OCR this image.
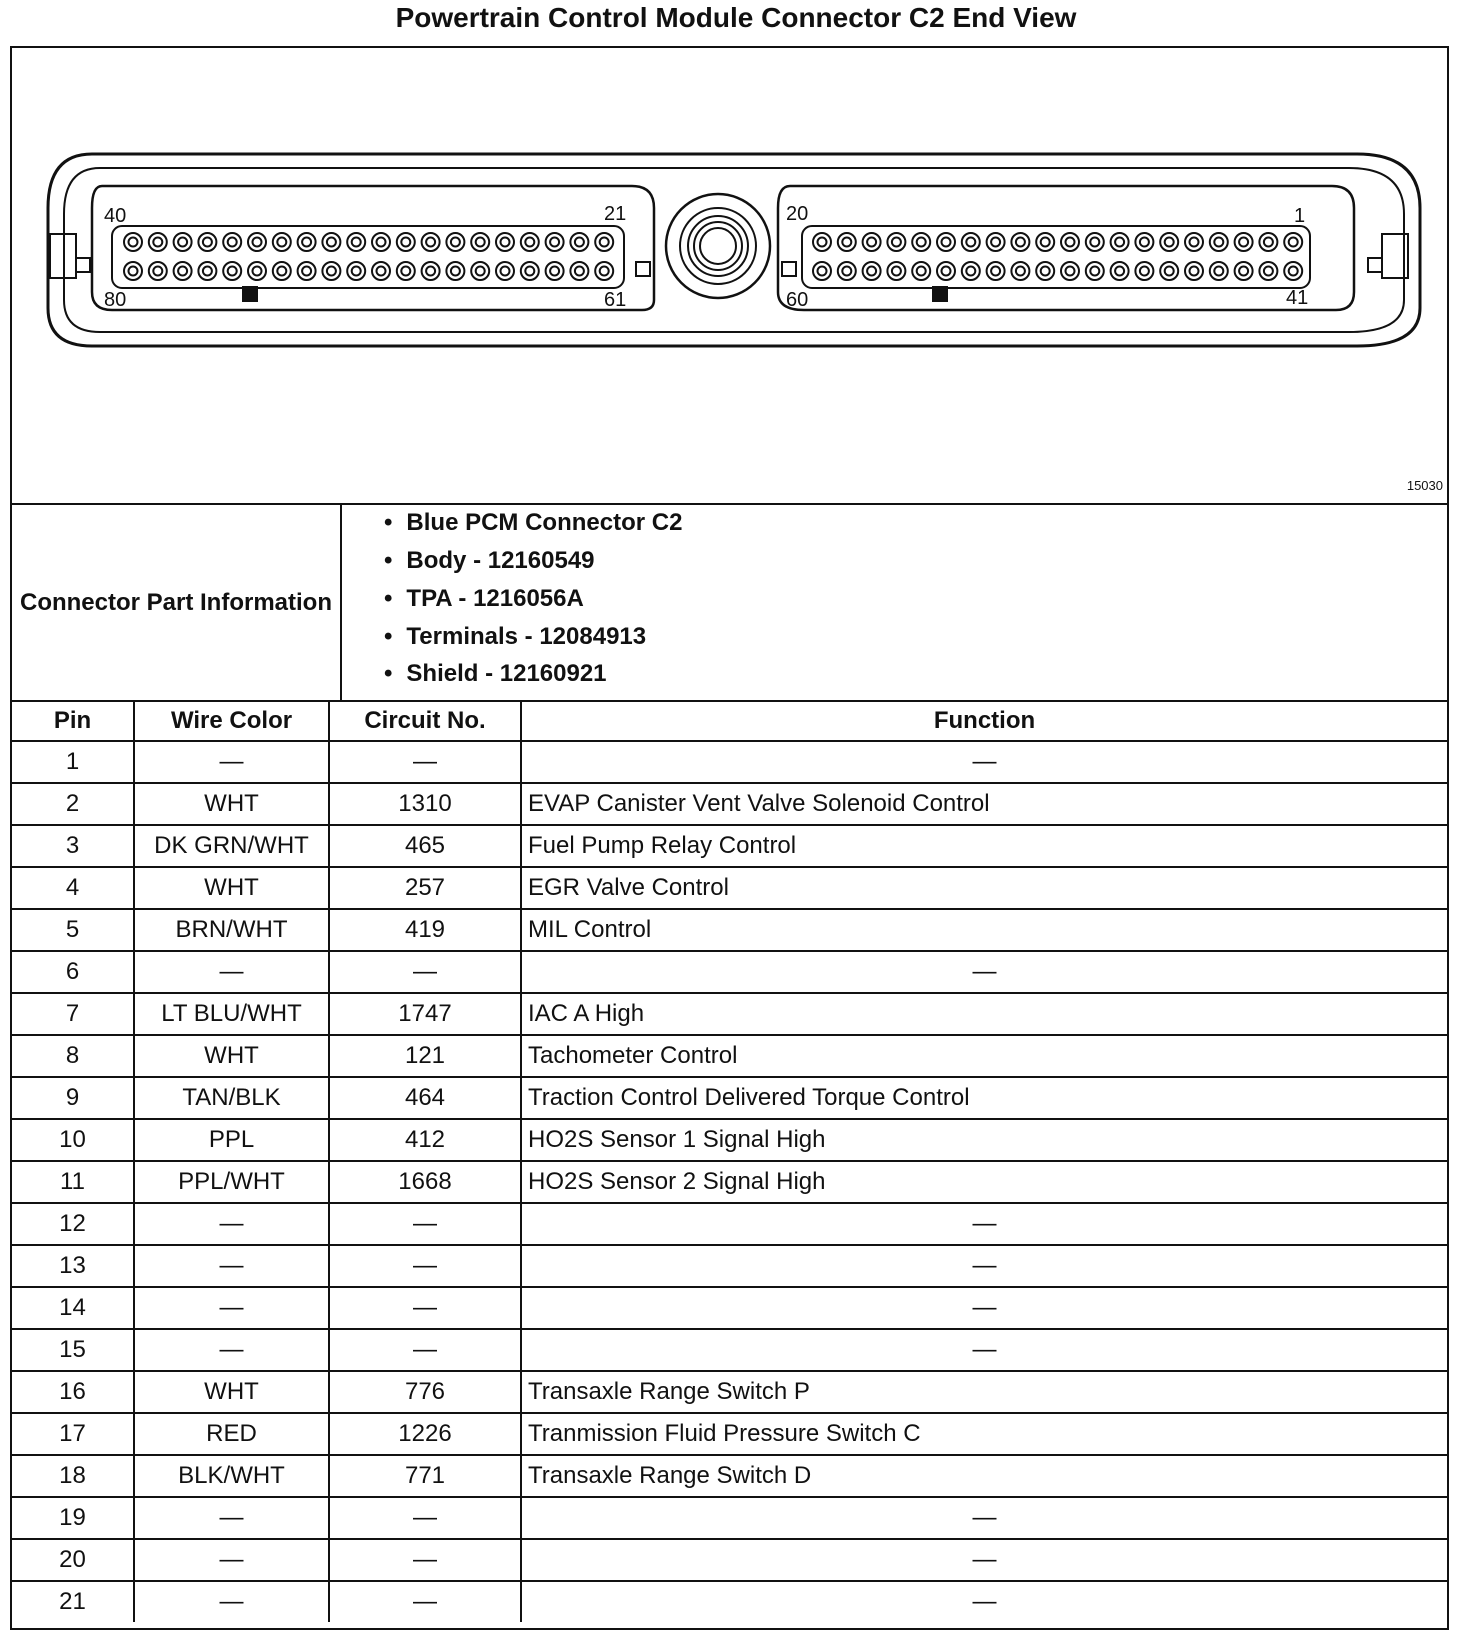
Powertrain Control Module Connector C2 End View
40	21
80	61
20	1
60	41
15030
Connector Part Information
• Blue PCM Connector C2
• Body - 12160549
• TPA - 1216056A
• Terminals - 12084913
• Shield - 12160921
Pin	Wire Color	Circuit No.	Function
1	—	—	—
2	WHT	1310	EVAP Canister Vent Valve Solenoid Control
3	DK GRN/WHT	465	Fuel Pump Relay Control
4	WHT	257	EGR Valve Control
5	BRN/WHT	419	MIL Control
6	—	—	—
7	LT BLU/WHT	1747	IAC A High
8	WHT	121	Tachometer Control
9	TAN/BLK	464	Traction Control Delivered Torque Control
10	PPL	412	HO2S Sensor 1 Signal High
11	PPL/WHT	1668	HO2S Sensor 2 Signal High
12	—	—	—
13	—	—	—
14	—	—	—
15	—	—	—
16	WHT	776	Transaxle Range Switch P
17	RED	1226	Tranmission Fluid Pressure Switch C
18	BLK/WHT	771	Transaxle Range Switch D
19	—	—	—
20	—	—	—
21	—	—	—
